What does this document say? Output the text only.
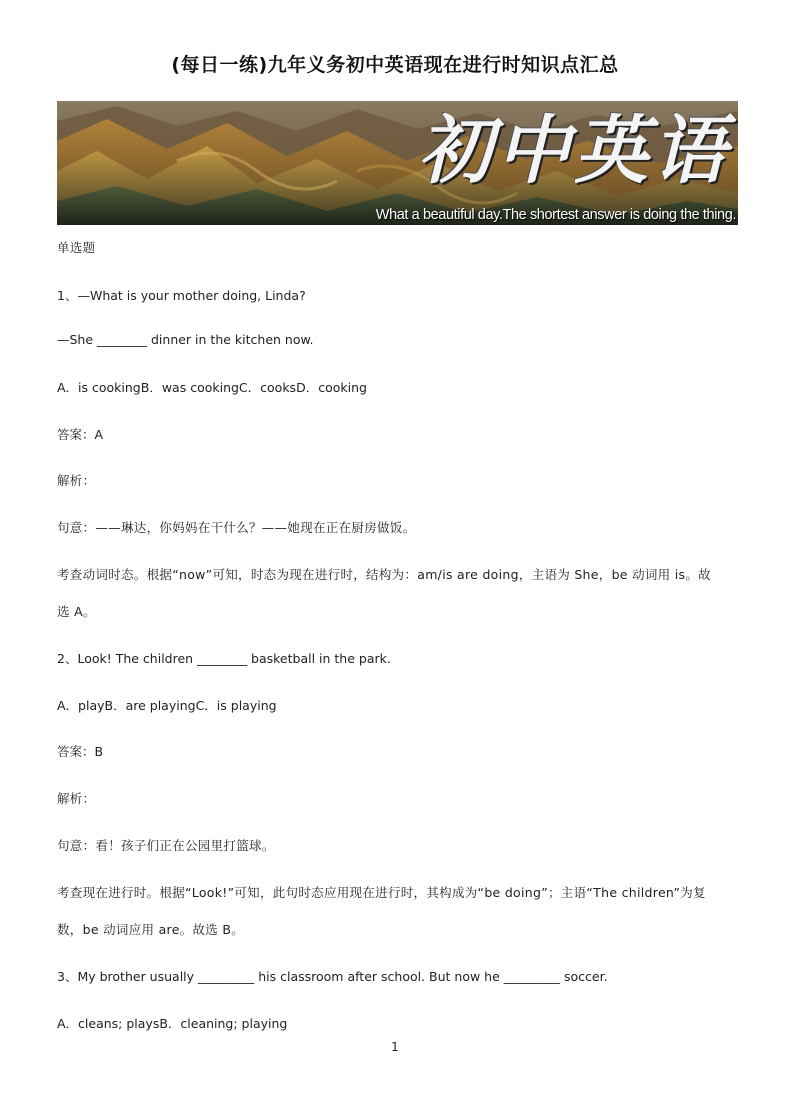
(每日一练)九年义务初中英语现在进行时知识点汇总
初中英语
What a beautiful day.The shortest answer is doing the thing.
单选题
1、—What is your mother doing, Linda?
—She ________ dinner in the kitchen now.
A．is cookingB．was cookingC．cooksD．cooking
答案：A
解析：
句意：——琳达，你妈妈在干什么？——她现在正在厨房做饭。
考查动词时态。根据“now”可知，时态为现在进行时，结构为：am/is are doing，主语为 She，be 动词用 is。故
选 A。
2、Look! The children ________ basketball in the park.
A．playB．are playingC．is playing
答案：B
解析：
句意：看！孩子们正在公园里打篮球。
考查现在进行时。根据“Look!”可知，此句时态应用现在进行时，其构成为“be doing”；主语“The children”为复
数，be 动词应用 are。故选 B。
3、My brother usually _________ his classroom after school. But now he _________ soccer.
A．cleans; playsB．cleaning; playing
1
